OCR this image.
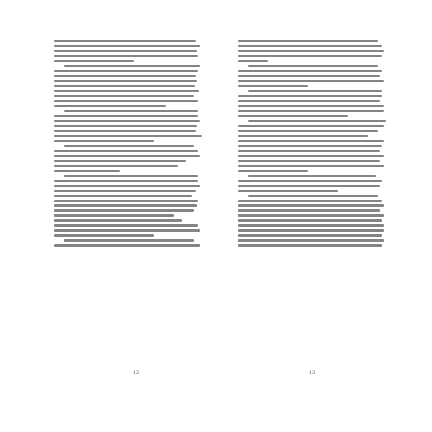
12	13
